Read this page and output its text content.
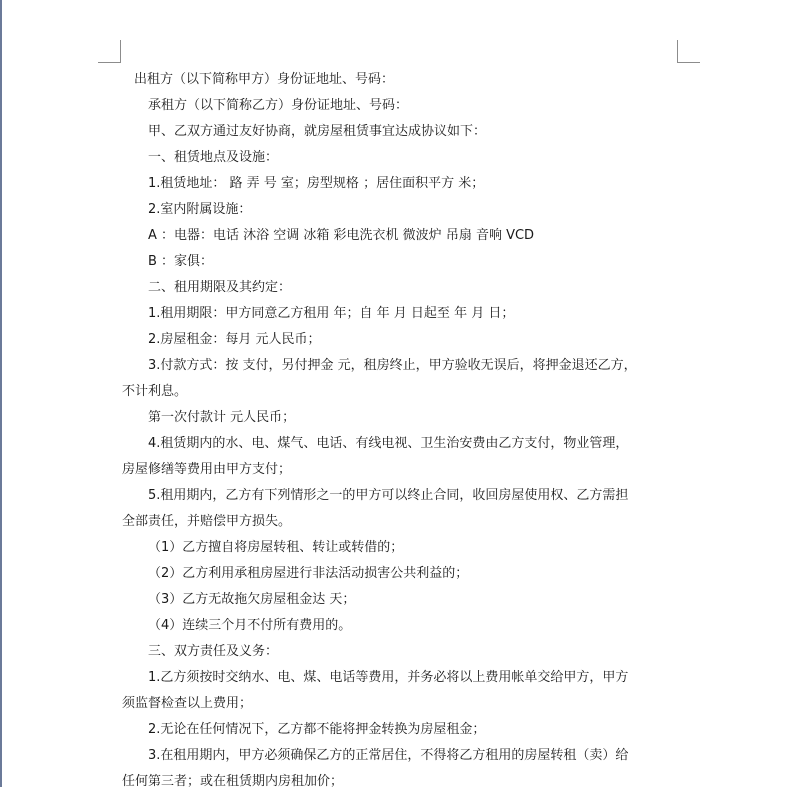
出租方（以下简称甲方）身份证地址、号码：
承租方（以下简称乙方）身份证地址、号码：
甲、乙双方通过友好协商，就房屋租赁事宜达成协议如下：
一、租赁地点及设施：
1.租赁地址： 路 弄 号 室；房型规格 ；居住面积平方 米；
2.室内附属设施：
A ：电器：电话 沐浴 空调 冰箱 彩电洗衣机 微波炉 吊扇 音响 VCD
B ：家俱：
二、租用期限及其约定：
1.租用期限：甲方同意乙方租用 年；自 年 月 日起至 年 月 日；
2.房屋租金：每月 元人民币；
3.付款方式：按 支付，另付押金 元，租房终止，甲方验收无误后，将押金退还乙方，
不计利息。
第一次付款计 元人民币；
4.租赁期内的水、电、煤气、电话、有线电视、卫生治安费由乙方支付，物业管理，
房屋修缮等费用由甲方支付；
5.租用期内，乙方有下列情形之一的甲方可以终止合同，收回房屋使用权、乙方需担
全部责任，并赔偿甲方损失。
（1）乙方擅自将房屋转租、转让或转借的；
（2）乙方利用承租房屋进行非法活动损害公共利益的；
（3）乙方无故拖欠房屋租金达 天；
（4）连续三个月不付所有费用的。
三、双方责任及义务：
1.乙方须按时交纳水、电、煤、电话等费用，并务必将以上费用帐单交给甲方，甲方
须监督检查以上费用；
2.无论在任何情况下，乙方都不能将押金转换为房屋租金；
3.在租用期内，甲方必须确保乙方的正常居住，不得将乙方租用的房屋转租（卖）给
任何第三者；或在租赁期内房租加价；
